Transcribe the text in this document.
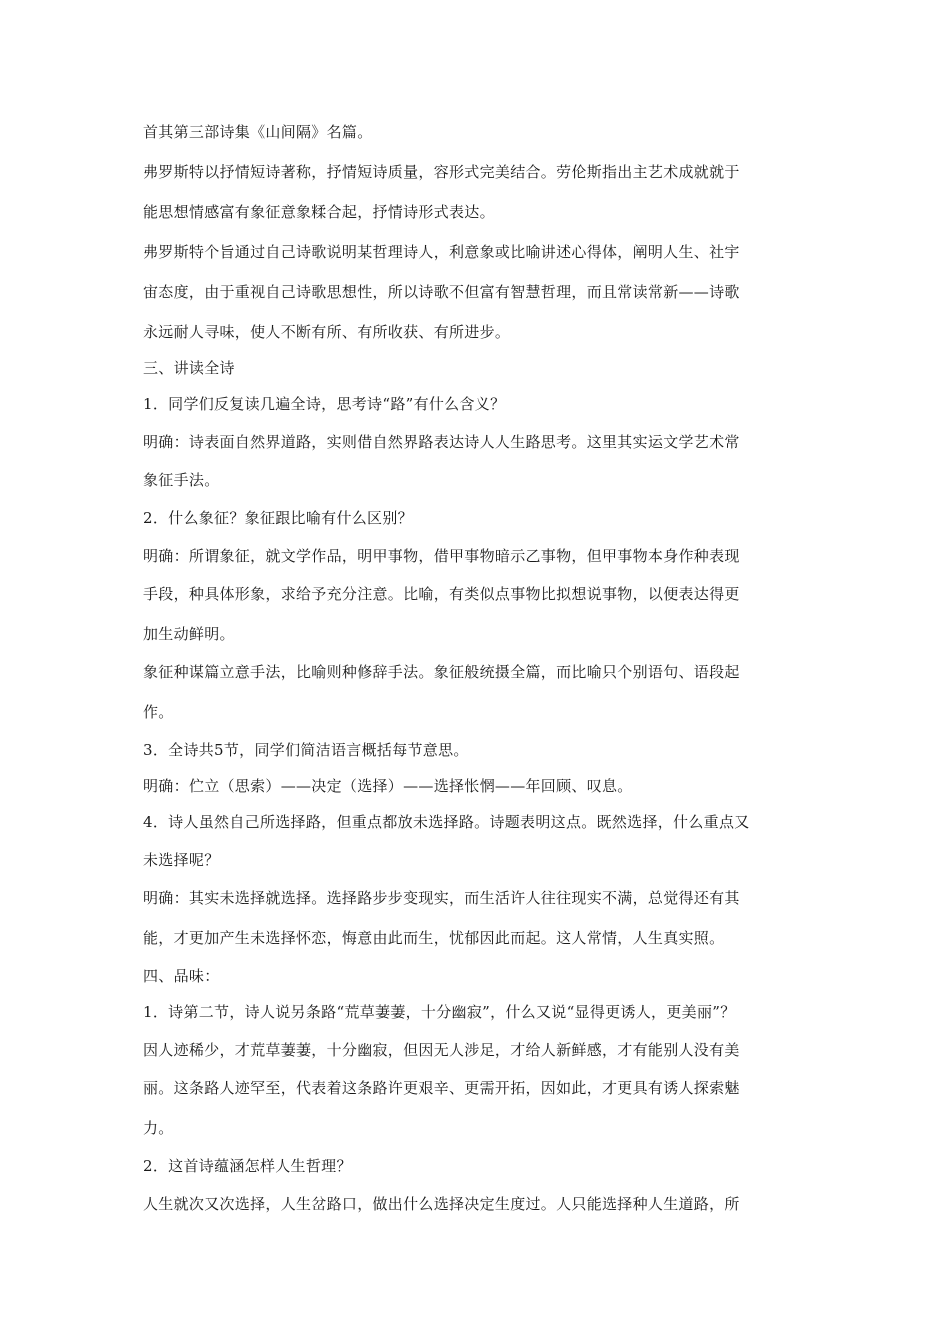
首其第三部诗集《山间隔》名篇。
弗罗斯特以抒情短诗著称，抒情短诗质量，容形式完美结合。劳伦斯指出主艺术成就就于
能思想情感富有象征意象糅合起，抒情诗形式表达。
弗罗斯特个旨通过自己诗歌说明某哲理诗人，利意象或比喻讲述心得体，阐明人生、社宇
宙态度，由于重视自己诗歌思想性，所以诗歌不但富有智慧哲理，而且常读常新——诗歌
永远耐人寻味，使人不断有所、有所收获、有所进步。
三、讲读全诗
1．同学们反复读几遍全诗，思考诗“路”有什么含义？
明确：诗表面自然界道路，实则借自然界路表达诗人人生路思考。这里其实运文学艺术常
象征手法。
2．什么象征？象征跟比喻有什么区别？
明确：所谓象征，就文学作品，明甲事物，借甲事物暗示乙事物，但甲事物本身作种表现
手段，种具体形象，求给予充分注意。比喻，有类似点事物比拟想说事物，以便表达得更
加生动鲜明。
象征种谋篇立意手法，比喻则种修辞手法。象征般统摄全篇，而比喻只个别语句、语段起
作。
3．全诗共5节，同学们简洁语言概括每节意思。
明确：伫立（思索）——决定（选择）——选择怅惘——年回顾、叹息。
4．诗人虽然自己所选择路，但重点都放未选择路。诗题表明这点。既然选择，什么重点又
未选择呢？
明确：其实未选择就选择。选择路步步变现实，而生活许人往往现实不满，总觉得还有其
能，才更加产生未选择怀恋，悔意由此而生，忧郁因此而起。这人常情，人生真实照。
四、品味：
1．诗第二节，诗人说另条路“荒草萋萋，十分幽寂”，什么又说“显得更诱人，更美丽”？
因人迹稀少，才荒草萋萋，十分幽寂，但因无人涉足，才给人新鲜感，才有能别人没有美
丽。这条路人迹罕至，代表着这条路许更艰辛、更需开拓，因如此，才更具有诱人探索魅
力。
2．这首诗蕴涵怎样人生哲理？
人生就次又次选择，人生岔路口，做出什么选择决定生度过。人只能选择种人生道路，所
